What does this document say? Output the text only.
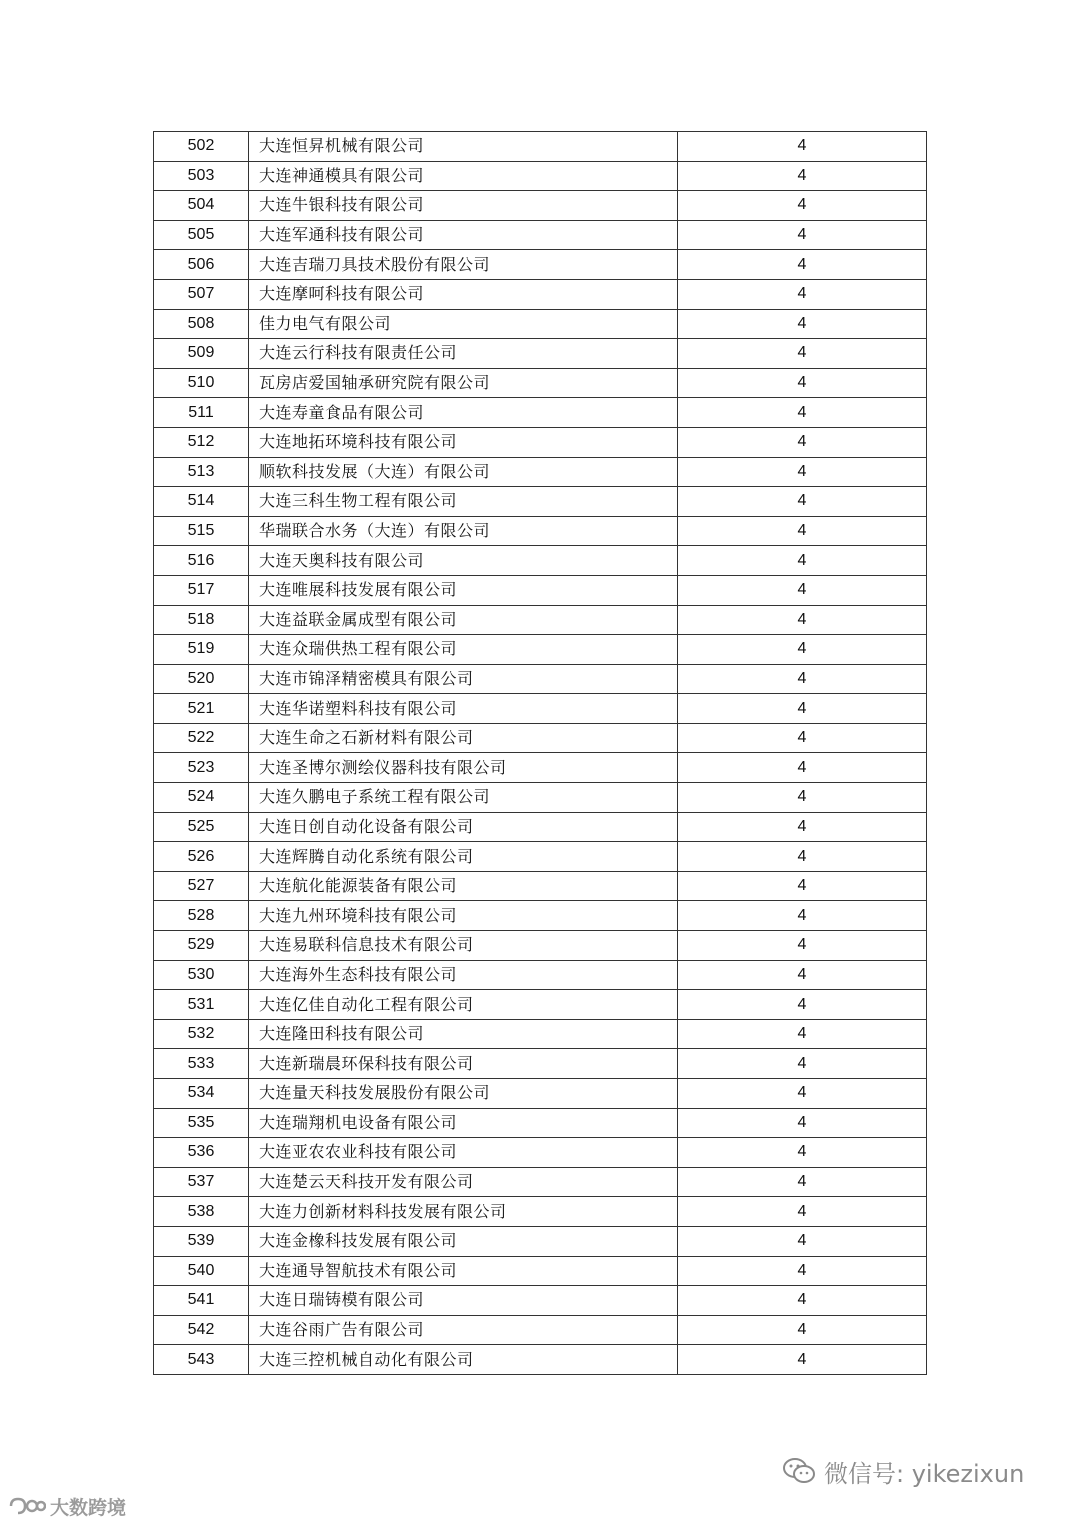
502	大连恒昇机械有限公司	4
503	大连神通模具有限公司	4
504	大连牛银科技有限公司	4
505	大连军通科技有限公司	4
506	大连吉瑞刀具技术股份有限公司	4
507	大连摩呵科技有限公司	4
508	佳力电气有限公司	4
509	大连云行科技有限责任公司	4
510	瓦房店爱国轴承研究院有限公司	4
511	大连寿童食品有限公司	4
512	大连地拓环境科技有限公司	4
513	顺软科技发展（大连）有限公司	4
514	大连三科生物工程有限公司	4
515	华瑞联合水务（大连）有限公司	4
516	大连天奥科技有限公司	4
517	大连唯展科技发展有限公司	4
518	大连益联金属成型有限公司	4
519	大连众瑞供热工程有限公司	4
520	大连市锦泽精密模具有限公司	4
521	大连华诺塑料科技有限公司	4
522	大连生命之石新材料有限公司	4
523	大连圣博尔测绘仪器科技有限公司	4
524	大连久鹏电子系统工程有限公司	4
525	大连日创自动化设备有限公司	4
526	大连辉腾自动化系统有限公司	4
527	大连航化能源装备有限公司	4
528	大连九州环境科技有限公司	4
529	大连易联科信息技术有限公司	4
530	大连海外生态科技有限公司	4
531	大连亿佳自动化工程有限公司	4
532	大连隆田科技有限公司	4
533	大连新瑞晨环保科技有限公司	4
534	大连量天科技发展股份有限公司	4
535	大连瑞翔机电设备有限公司	4
536	大连亚农农业科技有限公司	4
537	大连楚云天科技开发有限公司	4
538	大连力创新材料科技发展有限公司	4
539	大连金橡科技发展有限公司	4
540	大连通导智航技术有限公司	4
541	大连日瑞铸模有限公司	4
542	大连谷雨广告有限公司	4
543	大连三控机械自动化有限公司	4
微信号: yikezixun
大数跨境
